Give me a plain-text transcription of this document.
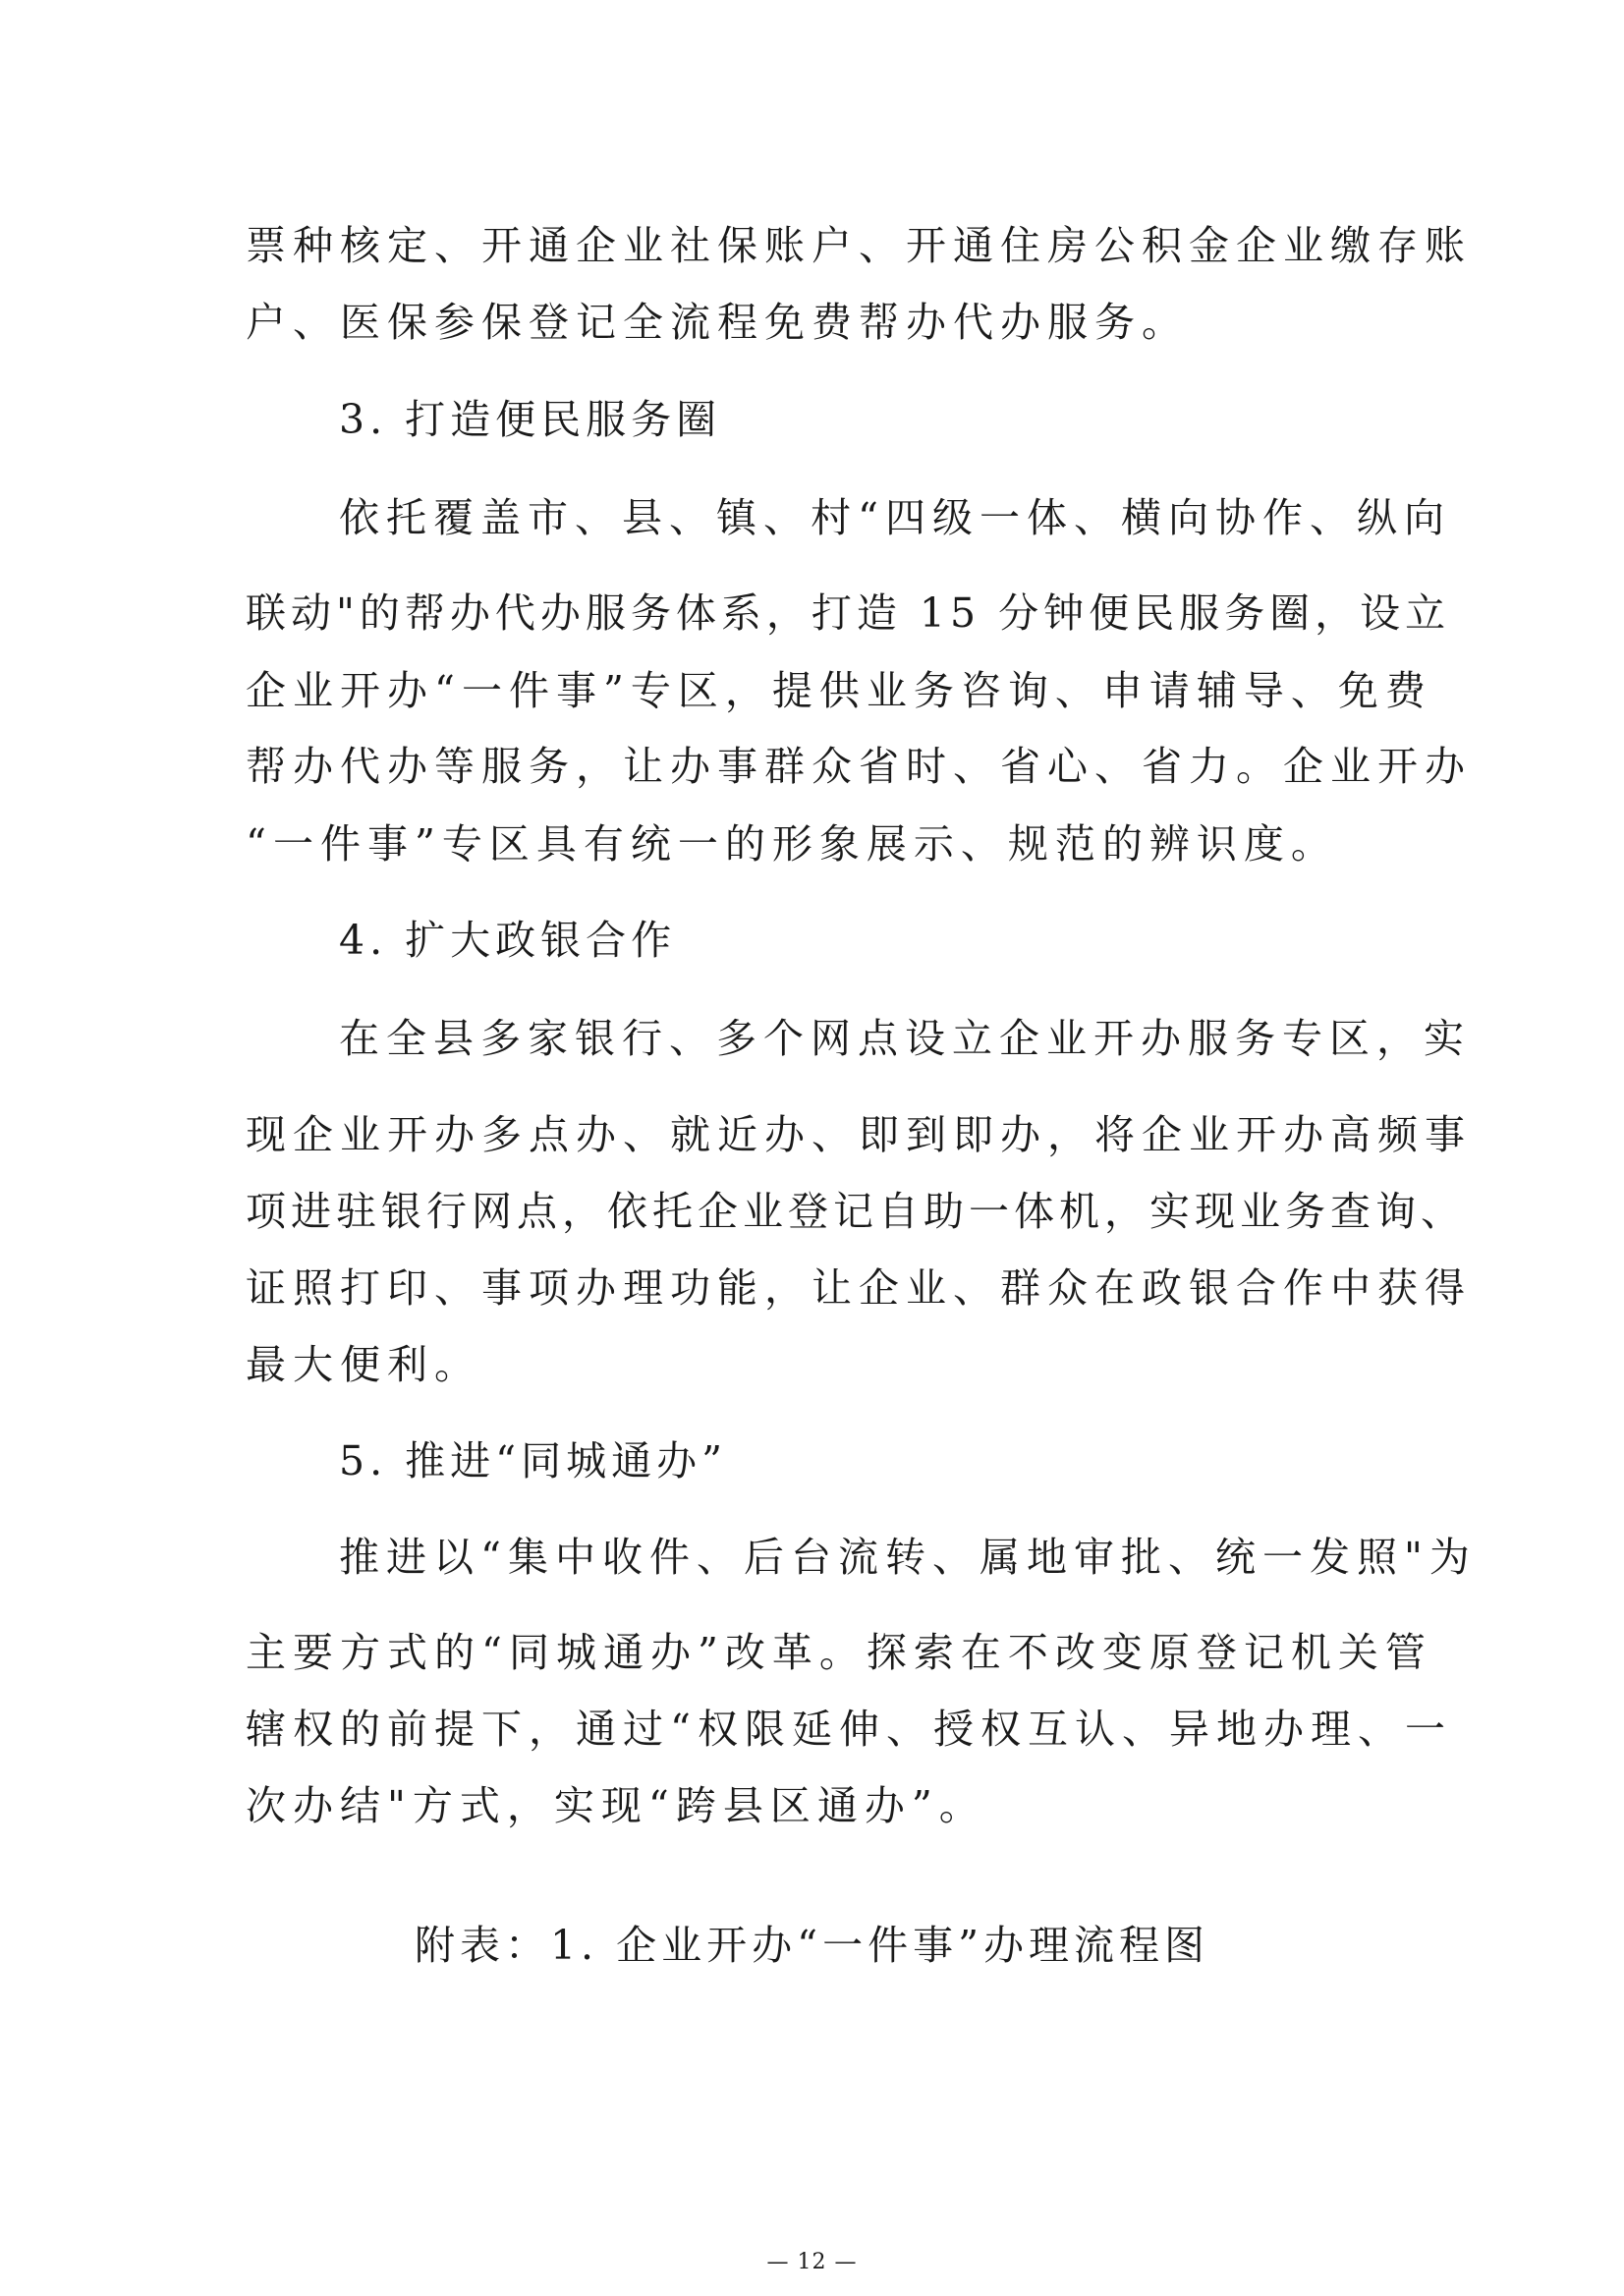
票种核定、开通企业社保账户、开通住房公积金企业缴存账
户、医保参保登记全流程免费帮办代办服务。
3. 打造便民服务圈
依托覆盖市、县、镇、村“四级一体、横向协作、纵向
联动"的帮办代办服务体系，打造 15 分钟便民服务圈，设立
企业开办“一件事”专区，提供业务咨询、申请辅导、免费
帮办代办等服务，让办事群众省时、省心、省力。企业开办
“一件事”专区具有统一的形象展示、规范的辨识度。
4. 扩大政银合作
在全县多家银行、多个网点设立企业开办服务专区，实
现企业开办多点办、就近办、即到即办，将企业开办高频事
项进驻银行网点，依托企业登记自助一体机，实现业务查询、
证照打印、事项办理功能，让企业、群众在政银合作中获得
最大便利。
5. 推进“同城通办”
推进以“集中收件、后台流转、属地审批、统一发照"为
主要方式的“同城通办”改革。探索在不改变原登记机关管
辖权的前提下，通过“权限延伸、授权互认、异地办理、一
次办结"方式，实现“跨县区通办”。
附表：1. 企业开办“一件事”办理流程图
— 12 —
